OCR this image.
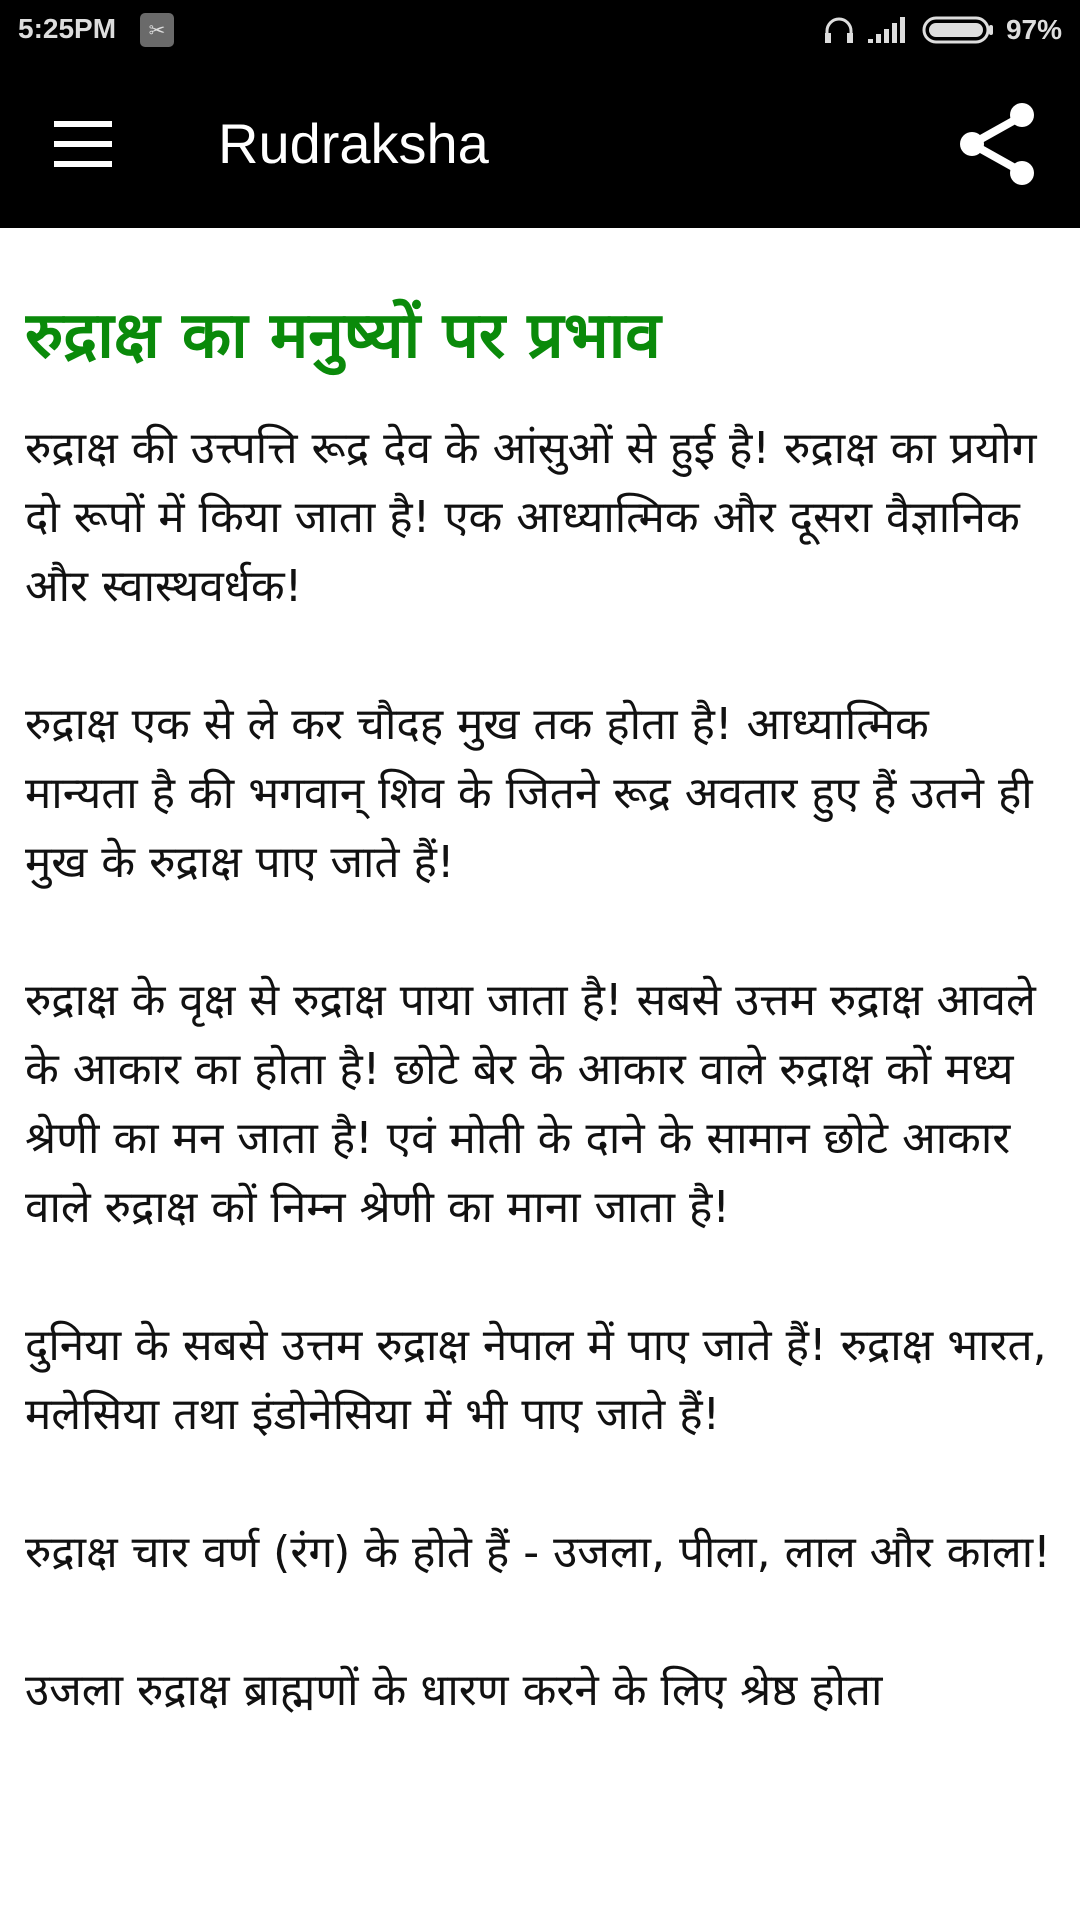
5:25PM	✂	97%
Rudraksha
रुद्राक्ष का मनुष्यों पर प्रभाव

रुद्राक्ष की उत्त्पत्ति रूद्र देव के आंसुओं से हुई है! रुद्राक्ष का प्रयोग दो रूपों में किया जाता है! एक आध्यात्मिक और दूसरा वैज्ञानिक और स्वास्थवर्धक!

रुद्राक्ष एक से ले कर चौदह मुख तक होता है! आध्यात्मिक मान्यता है की भगवान् शिव के जितने रूद्र अवतार हुए हैं उतने ही मुख के रुद्राक्ष पाए जाते हैं!

रुद्राक्ष के वृक्ष से रुद्राक्ष पाया जाता है! सबसे उत्तम रुद्राक्ष आवले के आकार का होता है! छोटे बेर के आकार वाले रुद्राक्ष कों मध्य श्रेणी का मन जाता है! एवं मोती के दाने के सामान छोटे आकार वाले रुद्राक्ष कों निम्न श्रेणी का माना जाता है!

दुनिया के सबसे उत्तम रुद्राक्ष नेपाल में पाए जाते हैं! रुद्राक्ष भारत, मलेसिया तथा इंडोनेसिया में भी पाए जाते हैं!

रुद्राक्ष चार वर्ण (रंग) के होते हैं - उजला, पीला, लाल और काला!

उजला रुद्राक्ष ब्राह्मणों के धारण करने के लिए श्रेष्ठ होता
